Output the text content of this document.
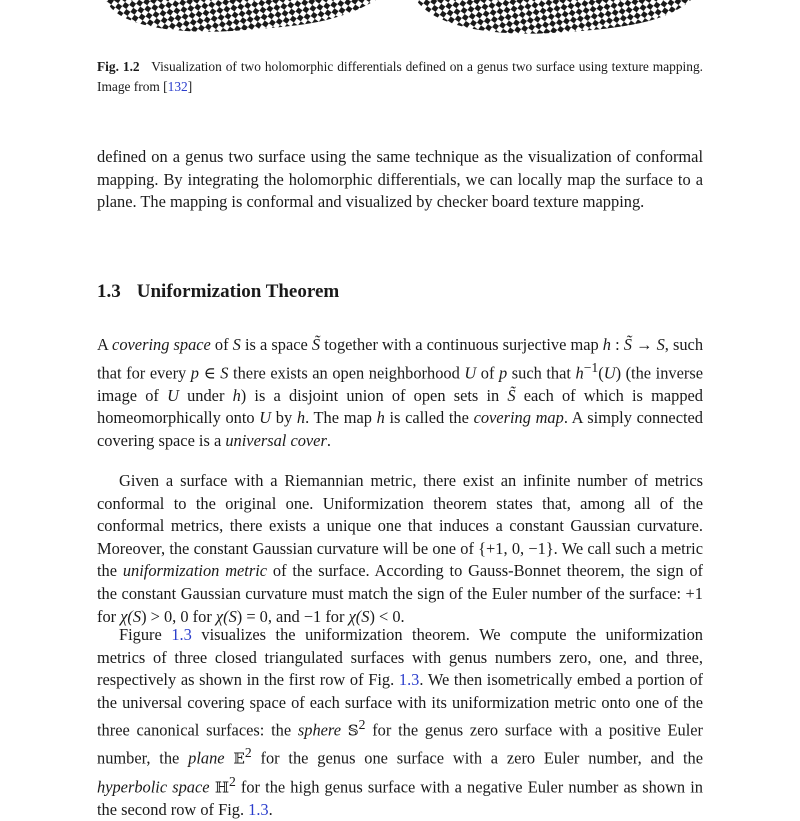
Fig. 1.2 Visualization of two holomorphic differentials defined on a genus two surface using texture mapping. Image from [132]

defined on a genus two surface using the same technique as the visualization of conformal mapping. By integrating the holomorphic differentials, we can locally map the surface to a plane. The mapping is conformal and visualized by checker board texture mapping.

1.3 Uniformization Theorem

A covering space of S is a space S̃ together with a continuous surjective map h : S̃ → S, such that for every p ∈ S there exists an open neighborhood U of p such that $h^{-1}(U)$ (the inverse image of U under h) is a disjoint union of open sets in S̃ each of which is mapped homeomorphically onto U by h. The map h is called the covering map. A simply connected covering space is a universal cover.

Given a surface with a Riemannian metric, there exist an infinite number of metrics conformal to the original one. Uniformization theorem states that, among all of the conformal metrics, there exists a unique one that induces a constant Gaussian curvature. Moreover, the constant Gaussian curvature will be one of {+1, 0, −1}. We call such a metric the uniformization metric of the surface. According to Gauss-Bonnet theorem, the sign of the constant Gaussian curvature must match the sign of the Euler number of the surface: +1 for χ(S) > 0, 0 for χ(S) = 0, and −1 for χ(S) < 0.

Figure 1.3 visualizes the uniformization theorem. We compute the uniformization metrics of three closed triangulated surfaces with genus numbers zero, one, and three, respectively as shown in the first row of Fig. 1.3. We then isometrically embed a portion of the universal covering space of each surface with its uniformization metric onto one of the three canonical surfaces: the sphere 𝕊$^2$ for the genus zero surface with a positive Euler number, the plane 𝔼$^2$ for the genus one surface with a zero Euler number, and the hyperbolic space ℍ$^2$ for the high genus surface with a negative Euler number as shown in the second row of Fig. 1.3.
